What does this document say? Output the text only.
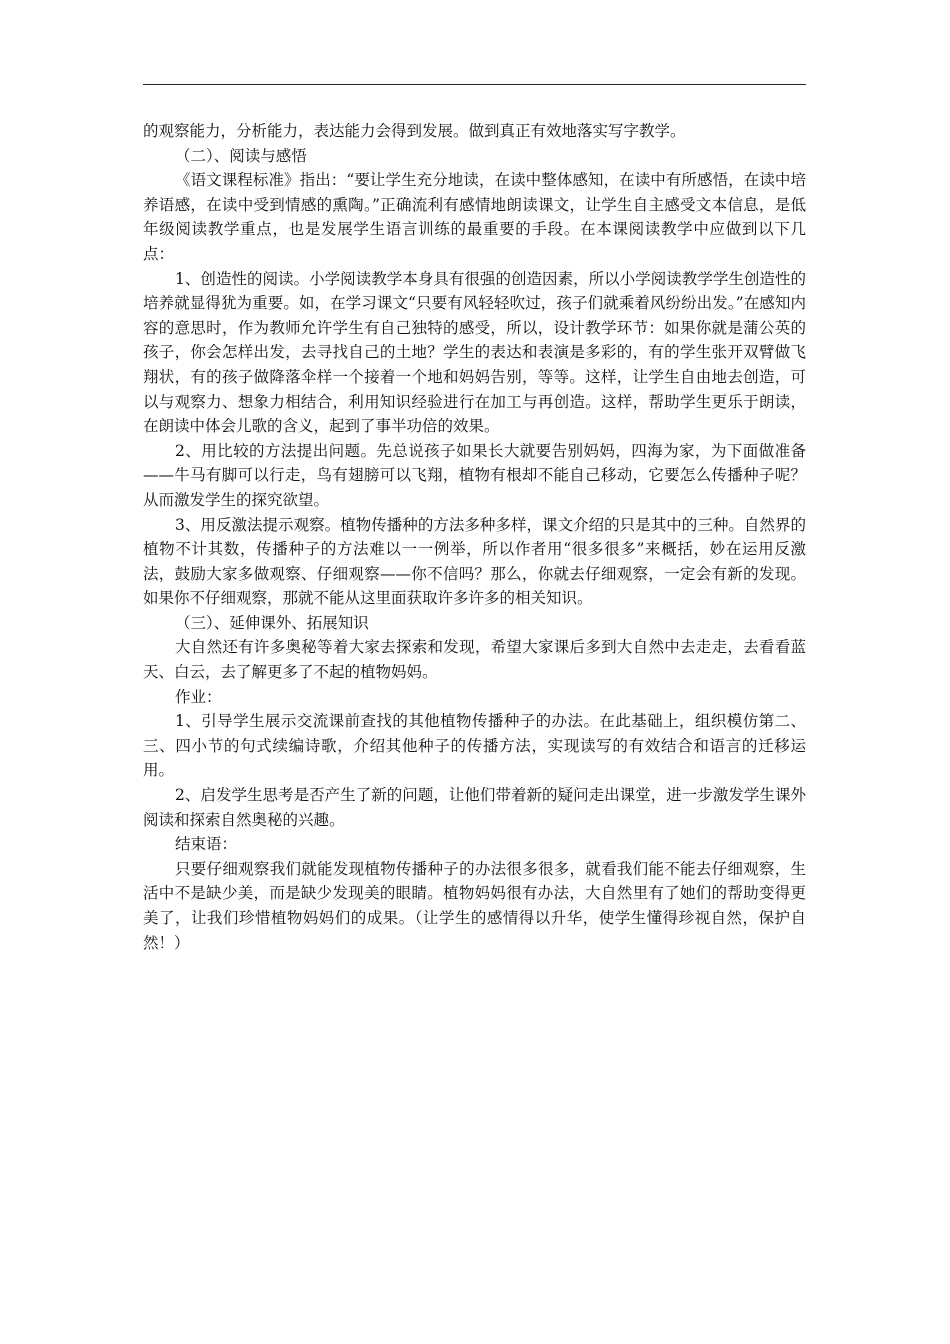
的观察能力，分析能力，表达能力会得到发展。做到真正有效地落实写字教学。

（二）、阅读与感悟

《语文课程标准》指出：“要让学生充分地读，在读中整体感知，在读中有所感悟，在读中培养语感，在读中受到情感的熏陶。”正确流利有感情地朗读课文，让学生自主感受文本信息，是低年级阅读教学重点，也是发展学生语言训练的最重要的手段。在本课阅读教学中应做到以下几点：

1、创造性的阅读。小学阅读教学本身具有很强的创造因素，所以小学阅读教学学生创造性的培养就显得犹为重要。如，在学习课文“只要有风轻轻吹过，孩子们就乘着风纷纷出发。”在感知内容的意思时，作为教师允许学生有自己独特的感受，所以，设计教学环节：如果你就是蒲公英的孩子，你会怎样出发，去寻找自己的土地？学生的表达和表演是多彩的，有的学生张开双臂做飞翔状，有的孩子做降落伞样一个接着一个地和妈妈告别，等等。这样，让学生自由地去创造，可以与观察力、想象力相结合，利用知识经验进行在加工与再创造。这样，帮助学生更乐于朗读，在朗读中体会儿歌的含义，起到了事半功倍的效果。

2、用比较的方法提出问题。先总说孩子如果长大就要告别妈妈，四海为家，为下面做准备——牛马有脚可以行走，鸟有翅膀可以飞翔，植物有根却不能自己移动，它要怎么传播种子呢？从而激发学生的探究欲望。

3、用反激法提示观察。植物传播种的方法多种多样，课文介绍的只是其中的三种。自然界的植物不计其数，传播种子的方法难以一一例举，所以作者用“很多很多”来概括，妙在运用反激法，鼓励大家多做观察、仔细观察——你不信吗？那么，你就去仔细观察，一定会有新的发现。如果你不仔细观察，那就不能从这里面获取许多许多的相关知识。

（三）、延伸课外、拓展知识

大自然还有许多奥秘等着大家去探索和发现，希望大家课后多到大自然中去走走，去看看蓝天、白云，去了解更多了不起的植物妈妈。

作业：

1、引导学生展示交流课前查找的其他植物传播种子的办法。在此基础上，组织模仿第二、三、四小节的句式续编诗歌，介绍其他种子的传播方法，实现读写的有效结合和语言的迁移运用。

2、启发学生思考是否产生了新的问题，让他们带着新的疑问走出课堂，进一步激发学生课外阅读和探索自然奥秘的兴趣。

结束语：

只要仔细观察我们就能发现植物传播种子的办法很多很多，就看我们能不能去仔细观察，生活中不是缺少美，而是缺少发现美的眼睛。植物妈妈很有办法，大自然里有了她们的帮助变得更美了，让我们珍惜植物妈妈们的成果。（让学生的感情得以升华，使学生懂得珍视自然，保护自然！）
